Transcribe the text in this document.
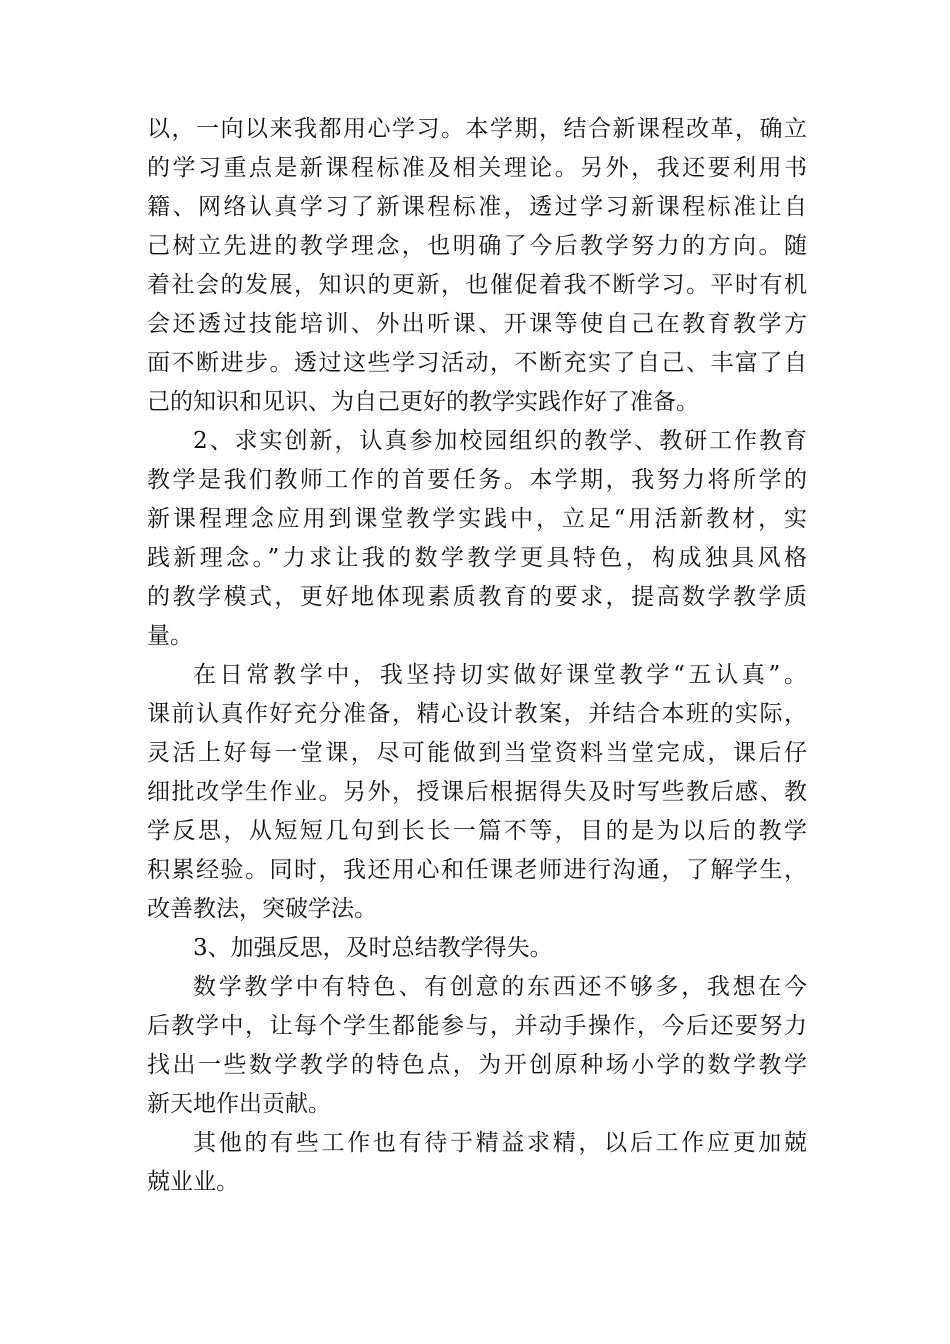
以，一向以来我都用心学习。本学期，结合新课程改革，确立
的学习重点是新课程标准及相关理论。另外，我还要利用书
籍、网络认真学习了新课程标准，透过学习新课程标准让自
己树立先进的教学理念，也明确了今后教学努力的方向。随
着社会的发展，知识的更新，也催促着我不断学习。平时有机
会还透过技能培训、外出听课、开课等使自己在教育教学方
面不断进步。透过这些学习活动，不断充实了自己、丰富了自
己的知识和见识、为自己更好的教学实践作好了准备。
2、求实创新，认真参加校园组织的教学、教研工作教育
教学是我们教师工作的首要任务。本学期，我努力将所学的
新课程理念应用到课堂教学实践中，立足“用活新教材，实
践新理念。”力求让我的数学教学更具特色，构成独具风格
的教学模式，更好地体现素质教育的要求，提高数学教学质
量。
在日常教学中，我坚持切实做好课堂教学“五认真”。
课前认真作好充分准备，精心设计教案，并结合本班的实际，
灵活上好每一堂课，尽可能做到当堂资料当堂完成，课后仔
细批改学生作业。另外，授课后根据得失及时写些教后感、教
学反思，从短短几句到长长一篇不等，目的是为以后的教学
积累经验。同时，我还用心和任课老师进行沟通，了解学生，
改善教法，突破学法。
3、加强反思，及时总结教学得失。
数学教学中有特色、有创意的东西还不够多，我想在今
后教学中，让每个学生都能参与，并动手操作，今后还要努力
找出一些数学教学的特色点，为开创原种场小学的数学教学
新天地作出贡献。
其他的有些工作也有待于精益求精，以后工作应更加兢
兢业业。
